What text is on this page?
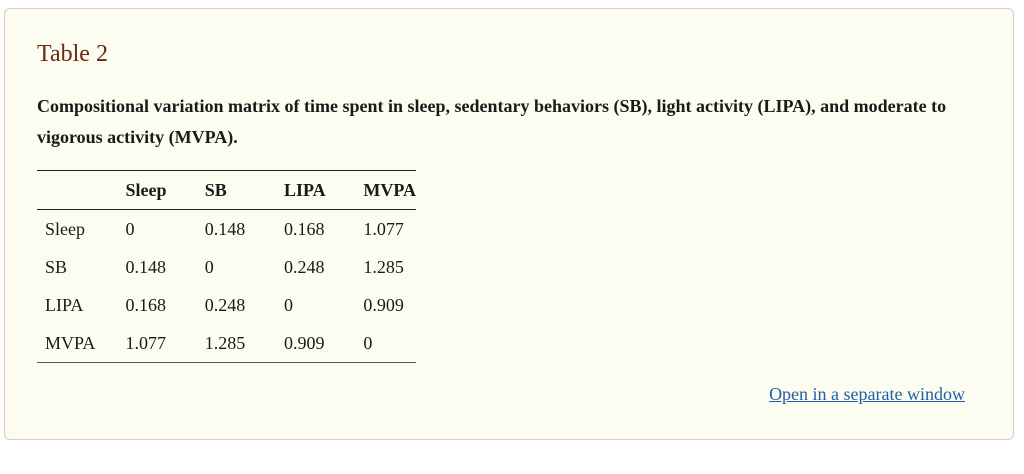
Table 2

Compositional variation matrix of time spent in sleep, sedentary behaviors (SB), light activity (LIPA), and moderate to vigorous activity (MVPA).

	Sleep	SB	LIPA	MVPA
Sleep	0	0.148	0.168	1.077
SB	0.148	0	0.248	1.285
LIPA	0.168	0.248	0	0.909
MVPA	1.077	1.285	0.909	0
Open in a separate window
